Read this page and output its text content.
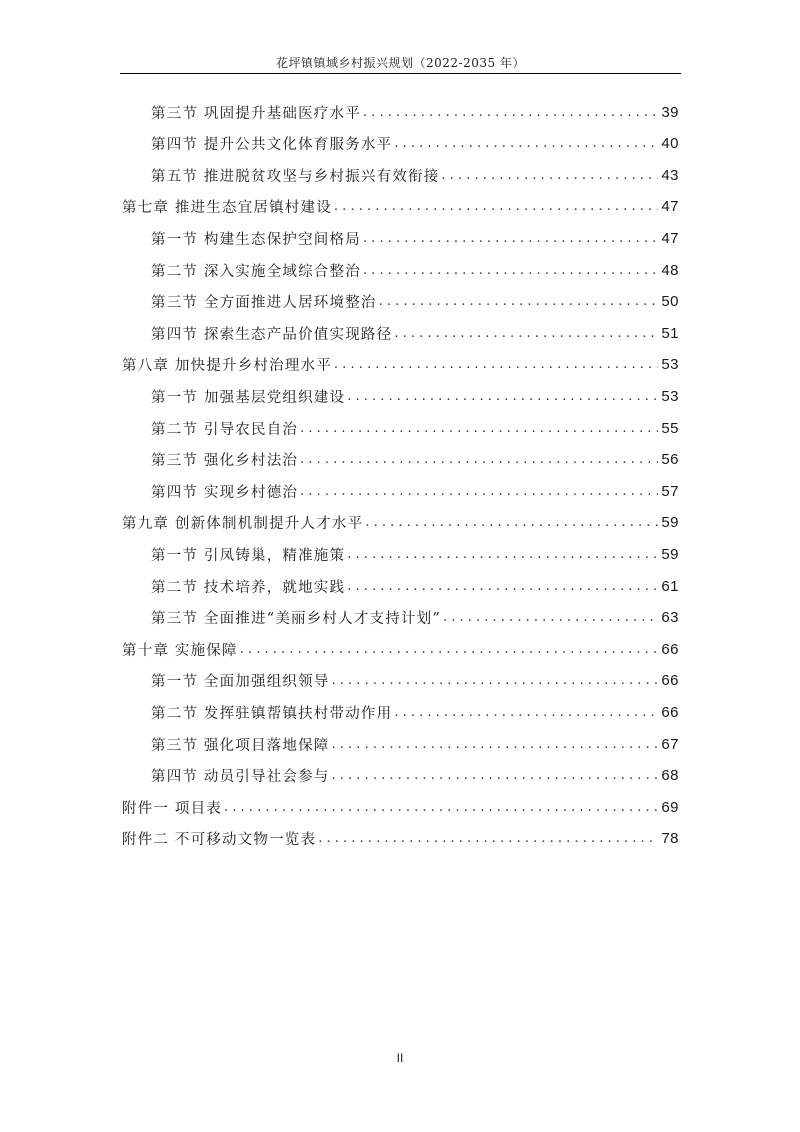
花坪镇镇域乡村振兴规划（2022-2035 年）
第三节 巩固提升基础医疗水平 . . .	39
第四节 提升公共文化体育服务水平 . . .	40
第五节 推进脱贫攻坚与乡村振兴有效衔接 . . .	43
第七章 推进生态宜居镇村建设 . . .	47
第一节 构建生态保护空间格局 . . .	47
第二节 深入实施全域综合整治 . . .	48
第三节 全方面推进人居环境整治 . . .	50
第四节 探索生态产品价值实现路径 . . .	51
第八章 加快提升乡村治理水平 . . .	53
第一节 加强基层党组织建设 . . .	53
第二节 引导农民自治 . . .	55
第三节 强化乡村法治 . . .	56
第四节 实现乡村德治 . . .	57
第九章 创新体制机制提升人才水平 . . .	59
第一节 引凤铸巢，精准施策 . . .	59
第二节 技术培养，就地实践 . . .	61
第三节 全面推进“美丽乡村人才支持计划” . . .	63
第十章 实施保障 . . .	66
第一节 全面加强组织领导 . . .	66
第二节 发挥驻镇帮镇扶村带动作用 . . .	66
第三节 强化项目落地保障 . . .	67
第四节 动员引导社会参与 . . .	68
附件一 项目表 . . .	69
附件二 不可移动文物一览表 . . .	78
II
